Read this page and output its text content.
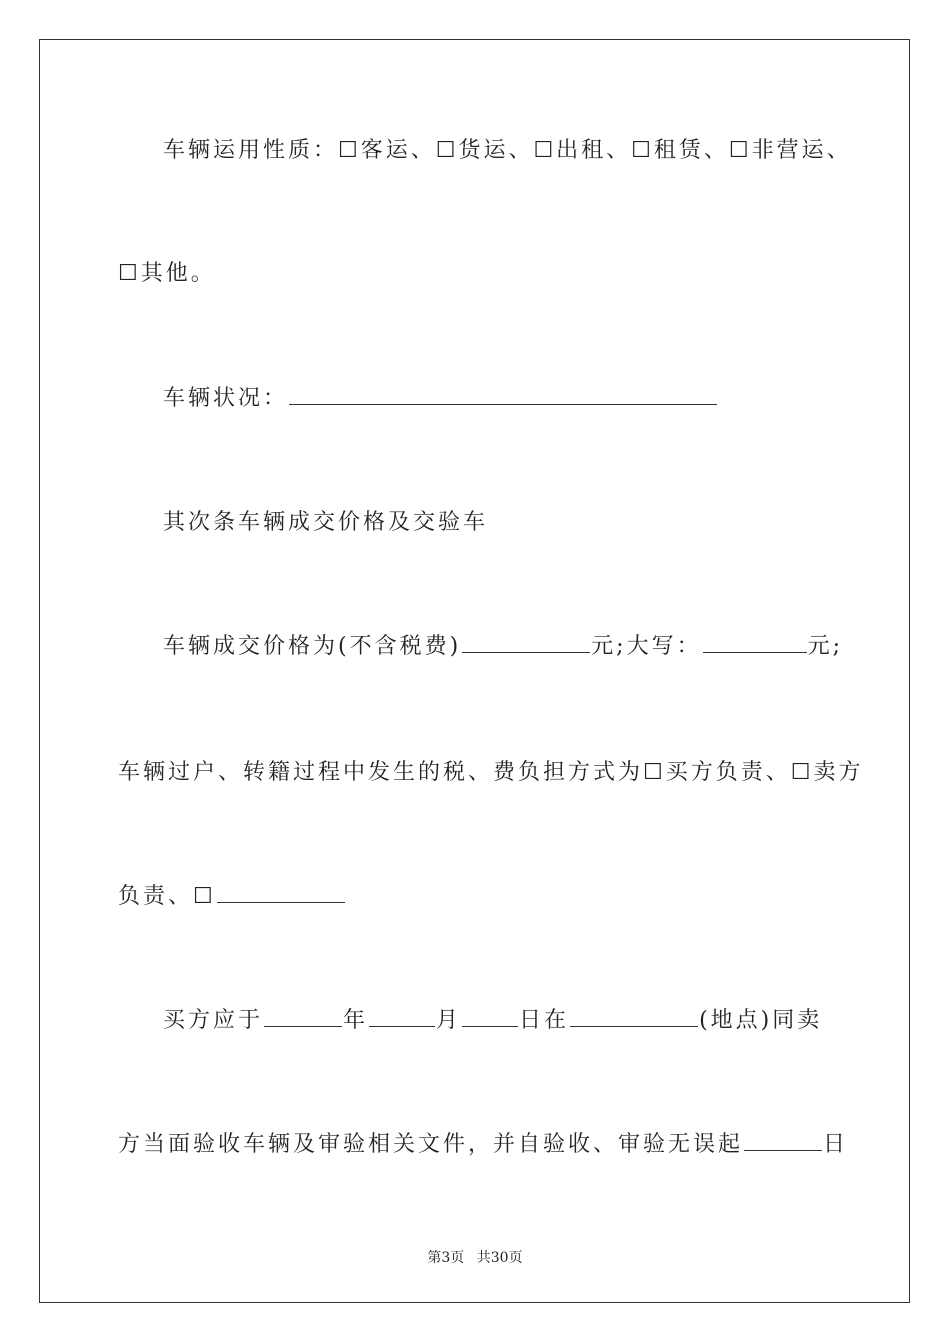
车辆运用性质：☐客运、☐货运、☐出租、☐租赁、☐非营运、
☐其他。
车辆状况：
其次条车辆成交价格及交验车
车辆成交价格为(不含税费)	元;大写：	元;
车辆过户、转籍过程中发生的税、费负担方式为☐买方负责、☐卖方
负责、☐
买方应于	年	月	日在	(地点)同卖
方当面验收车辆及审验相关文件，并自验收、审验无误起	日
第3页 共30页
